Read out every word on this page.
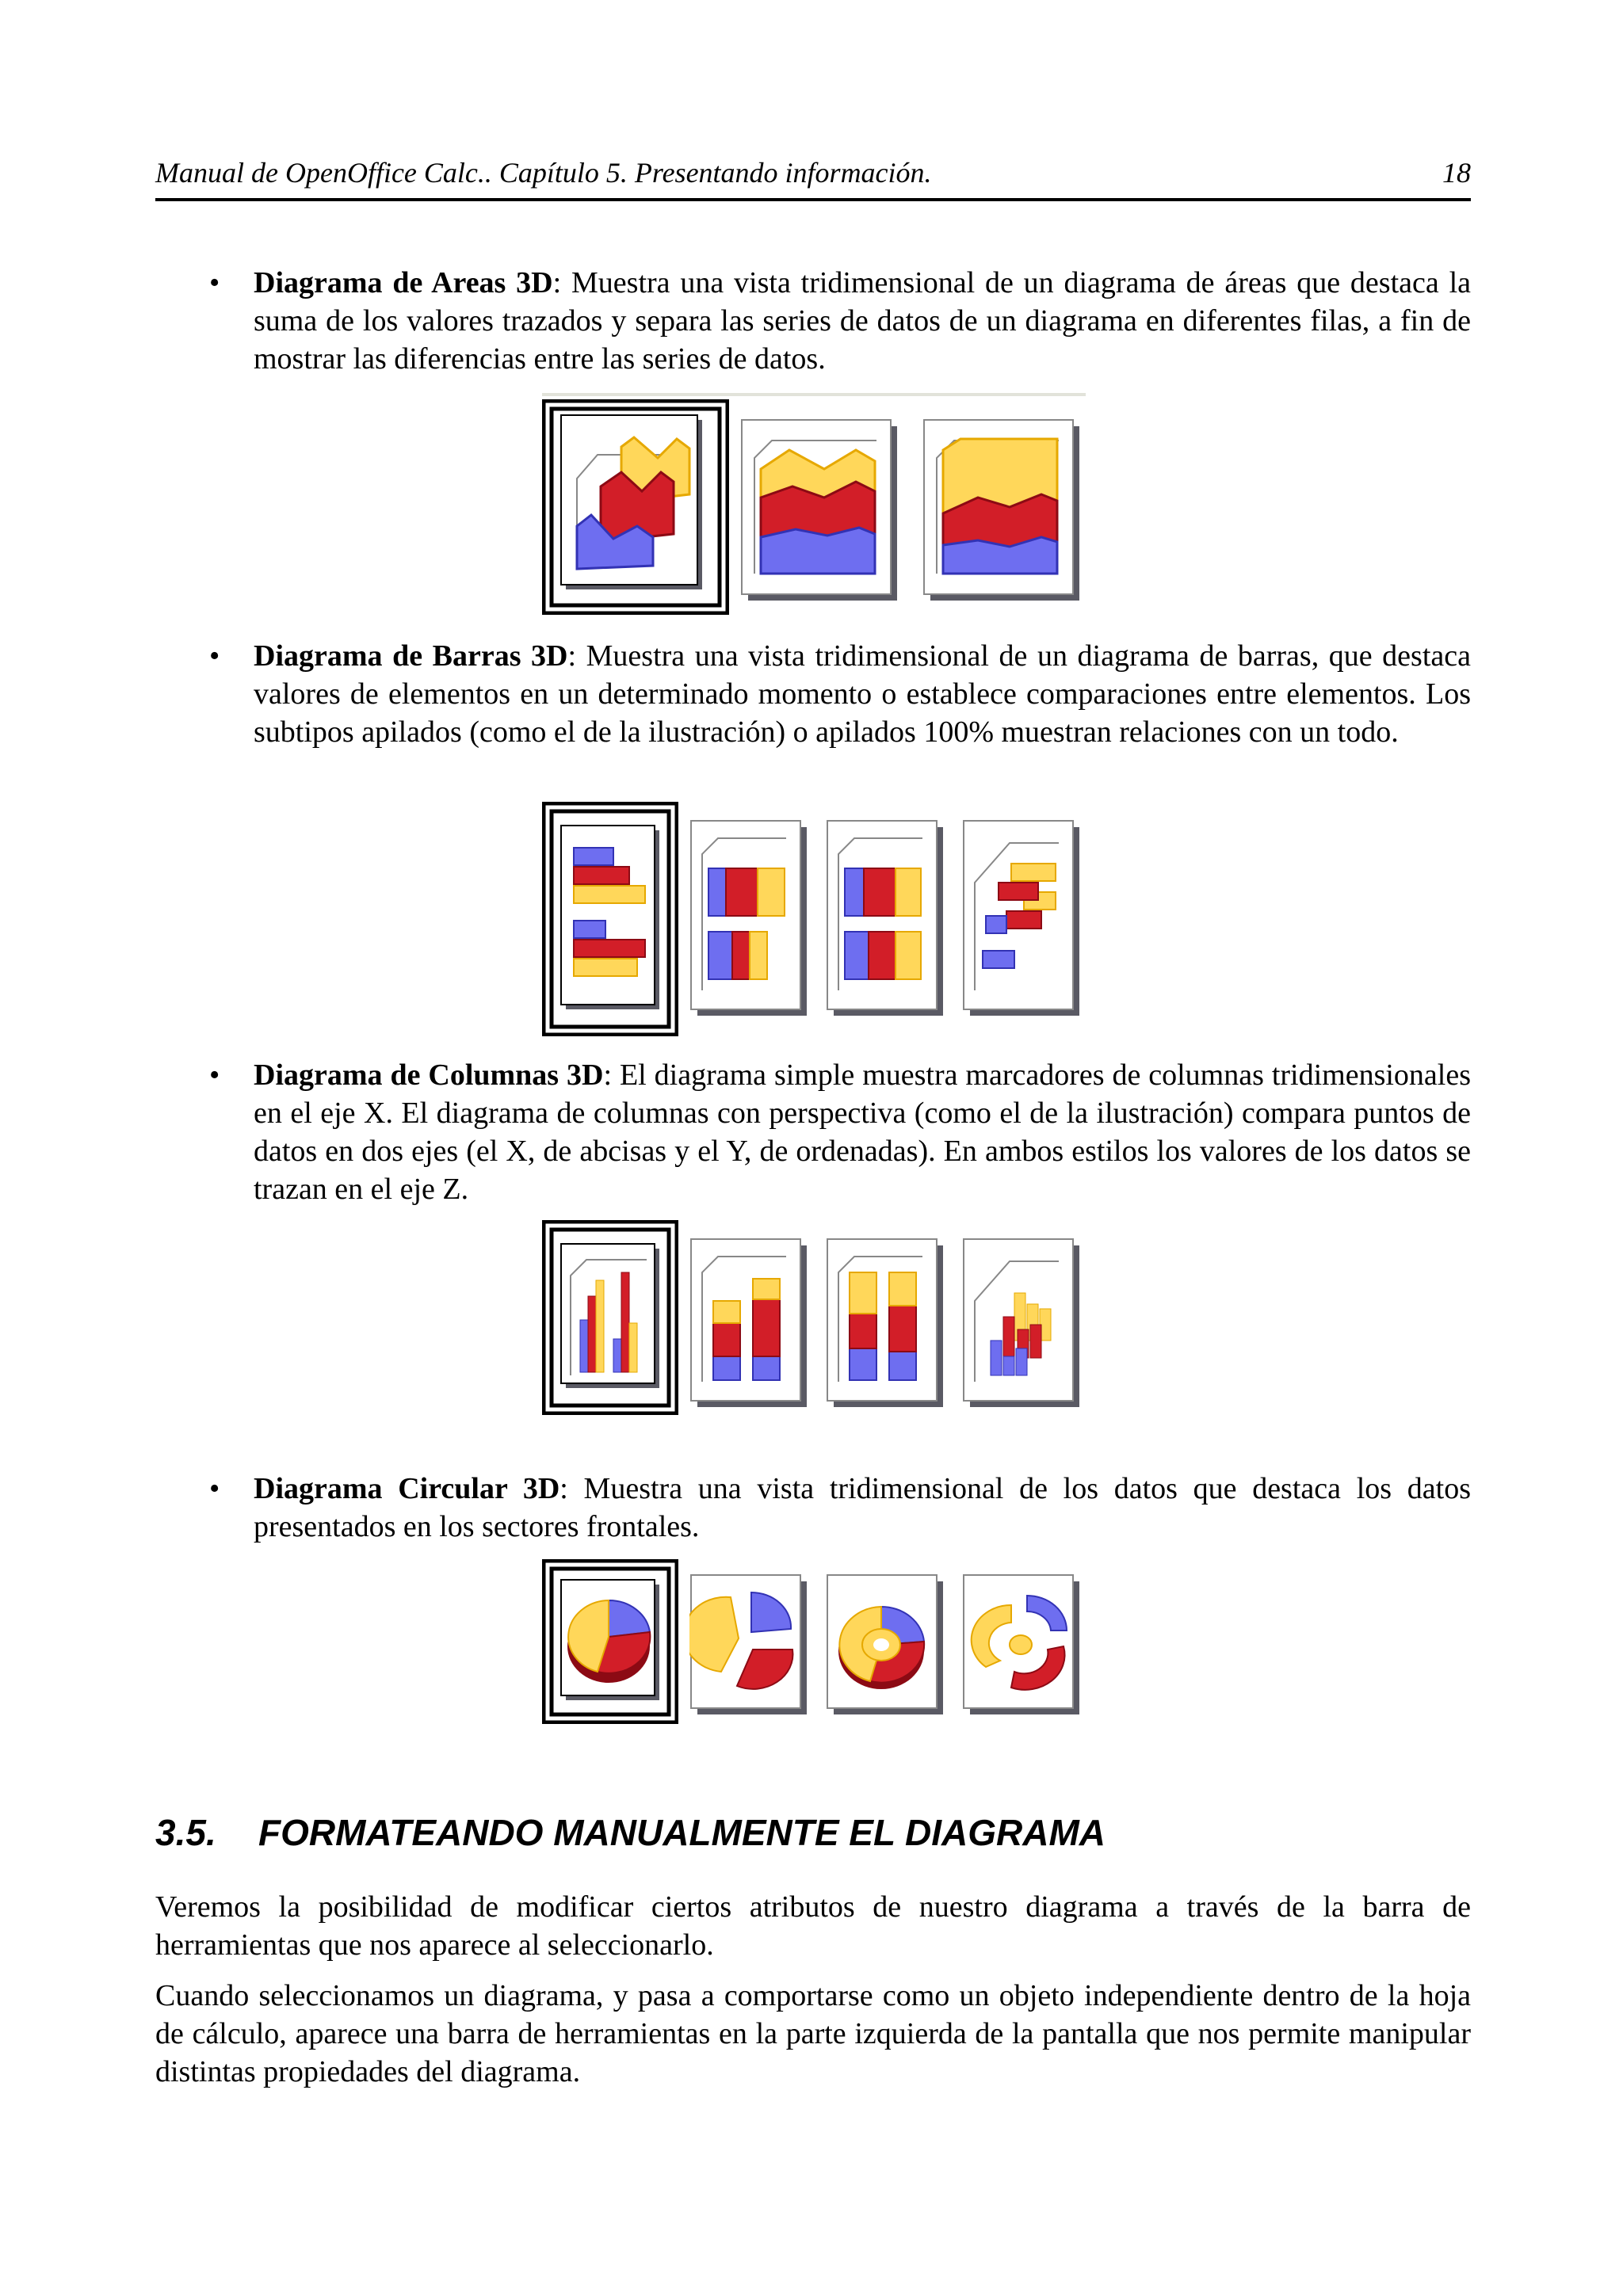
Manual de OpenOffice Calc.. Capítulo 5. Presentando información.	18
• Diagrama de Areas 3D: Muestra una vista tridimensional de un diagrama de áreas que destaca la suma de los valores trazados y separa las series de datos de un diagrama en diferentes filas, a fin de mostrar las diferencias entre las series de datos.
• Diagrama de Barras 3D: Muestra una vista tridimensional de un diagrama de barras, que destaca valores de elementos en un determinado momento o establece comparaciones entre elementos. Los subtipos apilados (como el de la ilustración) o apilados 100% muestran relaciones con un todo.
• Diagrama de Columnas 3D: El diagrama simple muestra marcadores de columnas tridimensionales en el eje X. El diagrama de columnas con perspectiva (como el de la ilustración) compara puntos de datos en dos ejes (el X, de abcisas y el Y, de ordenadas). En ambos estilos los valores de los datos se trazan en el eje Z.
• Diagrama Circular 3D: Muestra una vista tridimensional de los datos que destaca los datos presentados en los sectores frontales.
3.5. FORMATEANDO MANUALMENTE EL DIAGRAMA
Veremos la posibilidad de modificar ciertos atributos de nuestro diagrama a través de la barra de herramientas que nos aparece al seleccionarlo.
Cuando seleccionamos un diagrama, y pasa a comportarse como un objeto independiente dentro de la hoja de cálculo, aparece una barra de herramientas en la parte izquierda de la pantalla que nos permite manipular distintas propiedades del diagrama.
